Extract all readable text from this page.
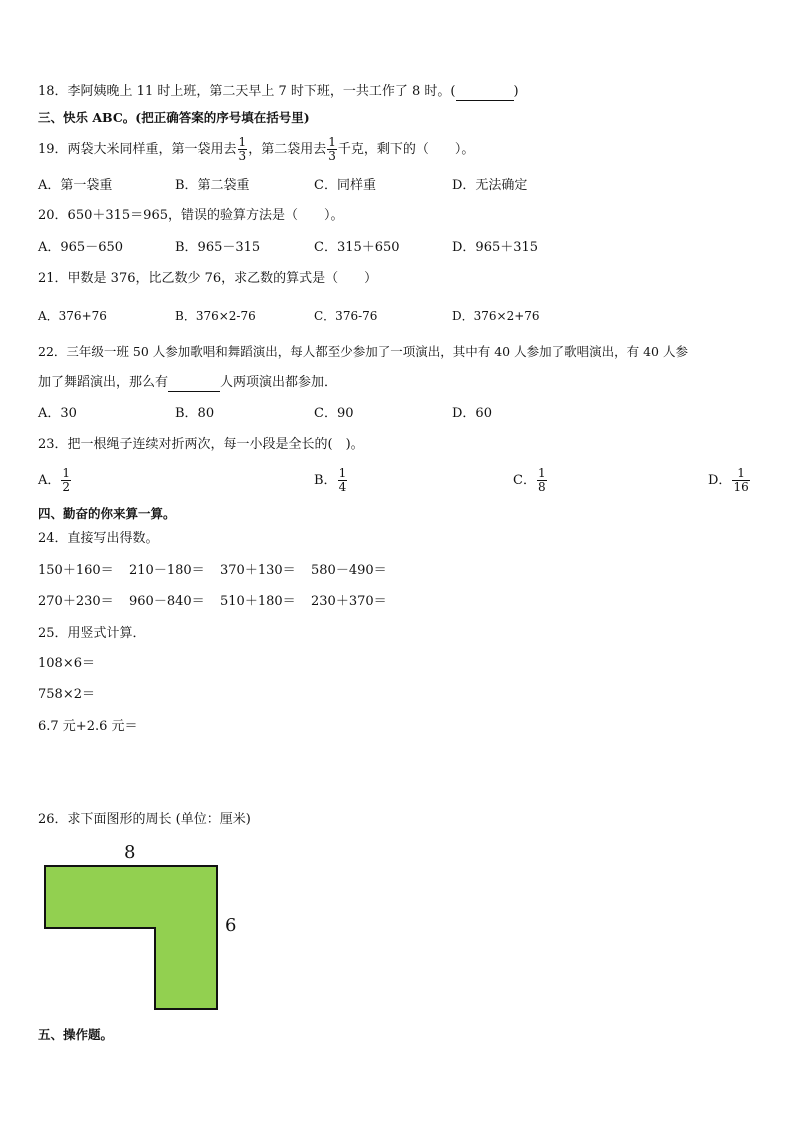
18．李阿姨晚上 11 时上班，第二天早上 7 时下班，一共工作了 8 时。(	)
三、快乐 ABC。(把正确答案的序号填在括号里)
19．两袋大米同样重，第一袋用去 $\frac{1}{3}$ ，第二袋用去 $\frac{1}{3}$ 千克，剩下的（　　）。
A．第一袋重	B．第二袋重	C．同样重	D．无法确定
20．650＋315＝965，错误的验算方法是（　　）。
A．965－650	B．965－315	C．315＋650	D．965＋315
21．甲数是 376，比乙数少 76，求乙数的算式是（　　）
A．376+76	B．376×2-76	C．376-76	D．376×2+76
22．三年级一班 50 人参加歌唱和舞蹈演出，每人都至少参加了一项演出，其中有 40 人参加了歌唱演出，有 40 人参
加了舞蹈演出，那么有	人两项演出都参加．
A．30	B．80	C．90	D．60
23．把一根绳子连续对折两次，每一小段是全长的(　)。
A． $\frac{1}{2}$	B． $\frac{1}{4}$	C． $\frac{1}{8}$	D． $\frac{1}{16}$
四、勤奋的你来算一算。
24．直接写出得数。
150＋160＝ 210－180＝ 370＋130＝ 580－490＝
270＋230＝ 960－840＝ 510＋180＝ 230＋370＝
25．用竖式计算．
108×6＝
758×2＝
6.7 元+2.6 元＝
26．求下面图形的周长 (单位：厘米)
8
6
五、操作题。
